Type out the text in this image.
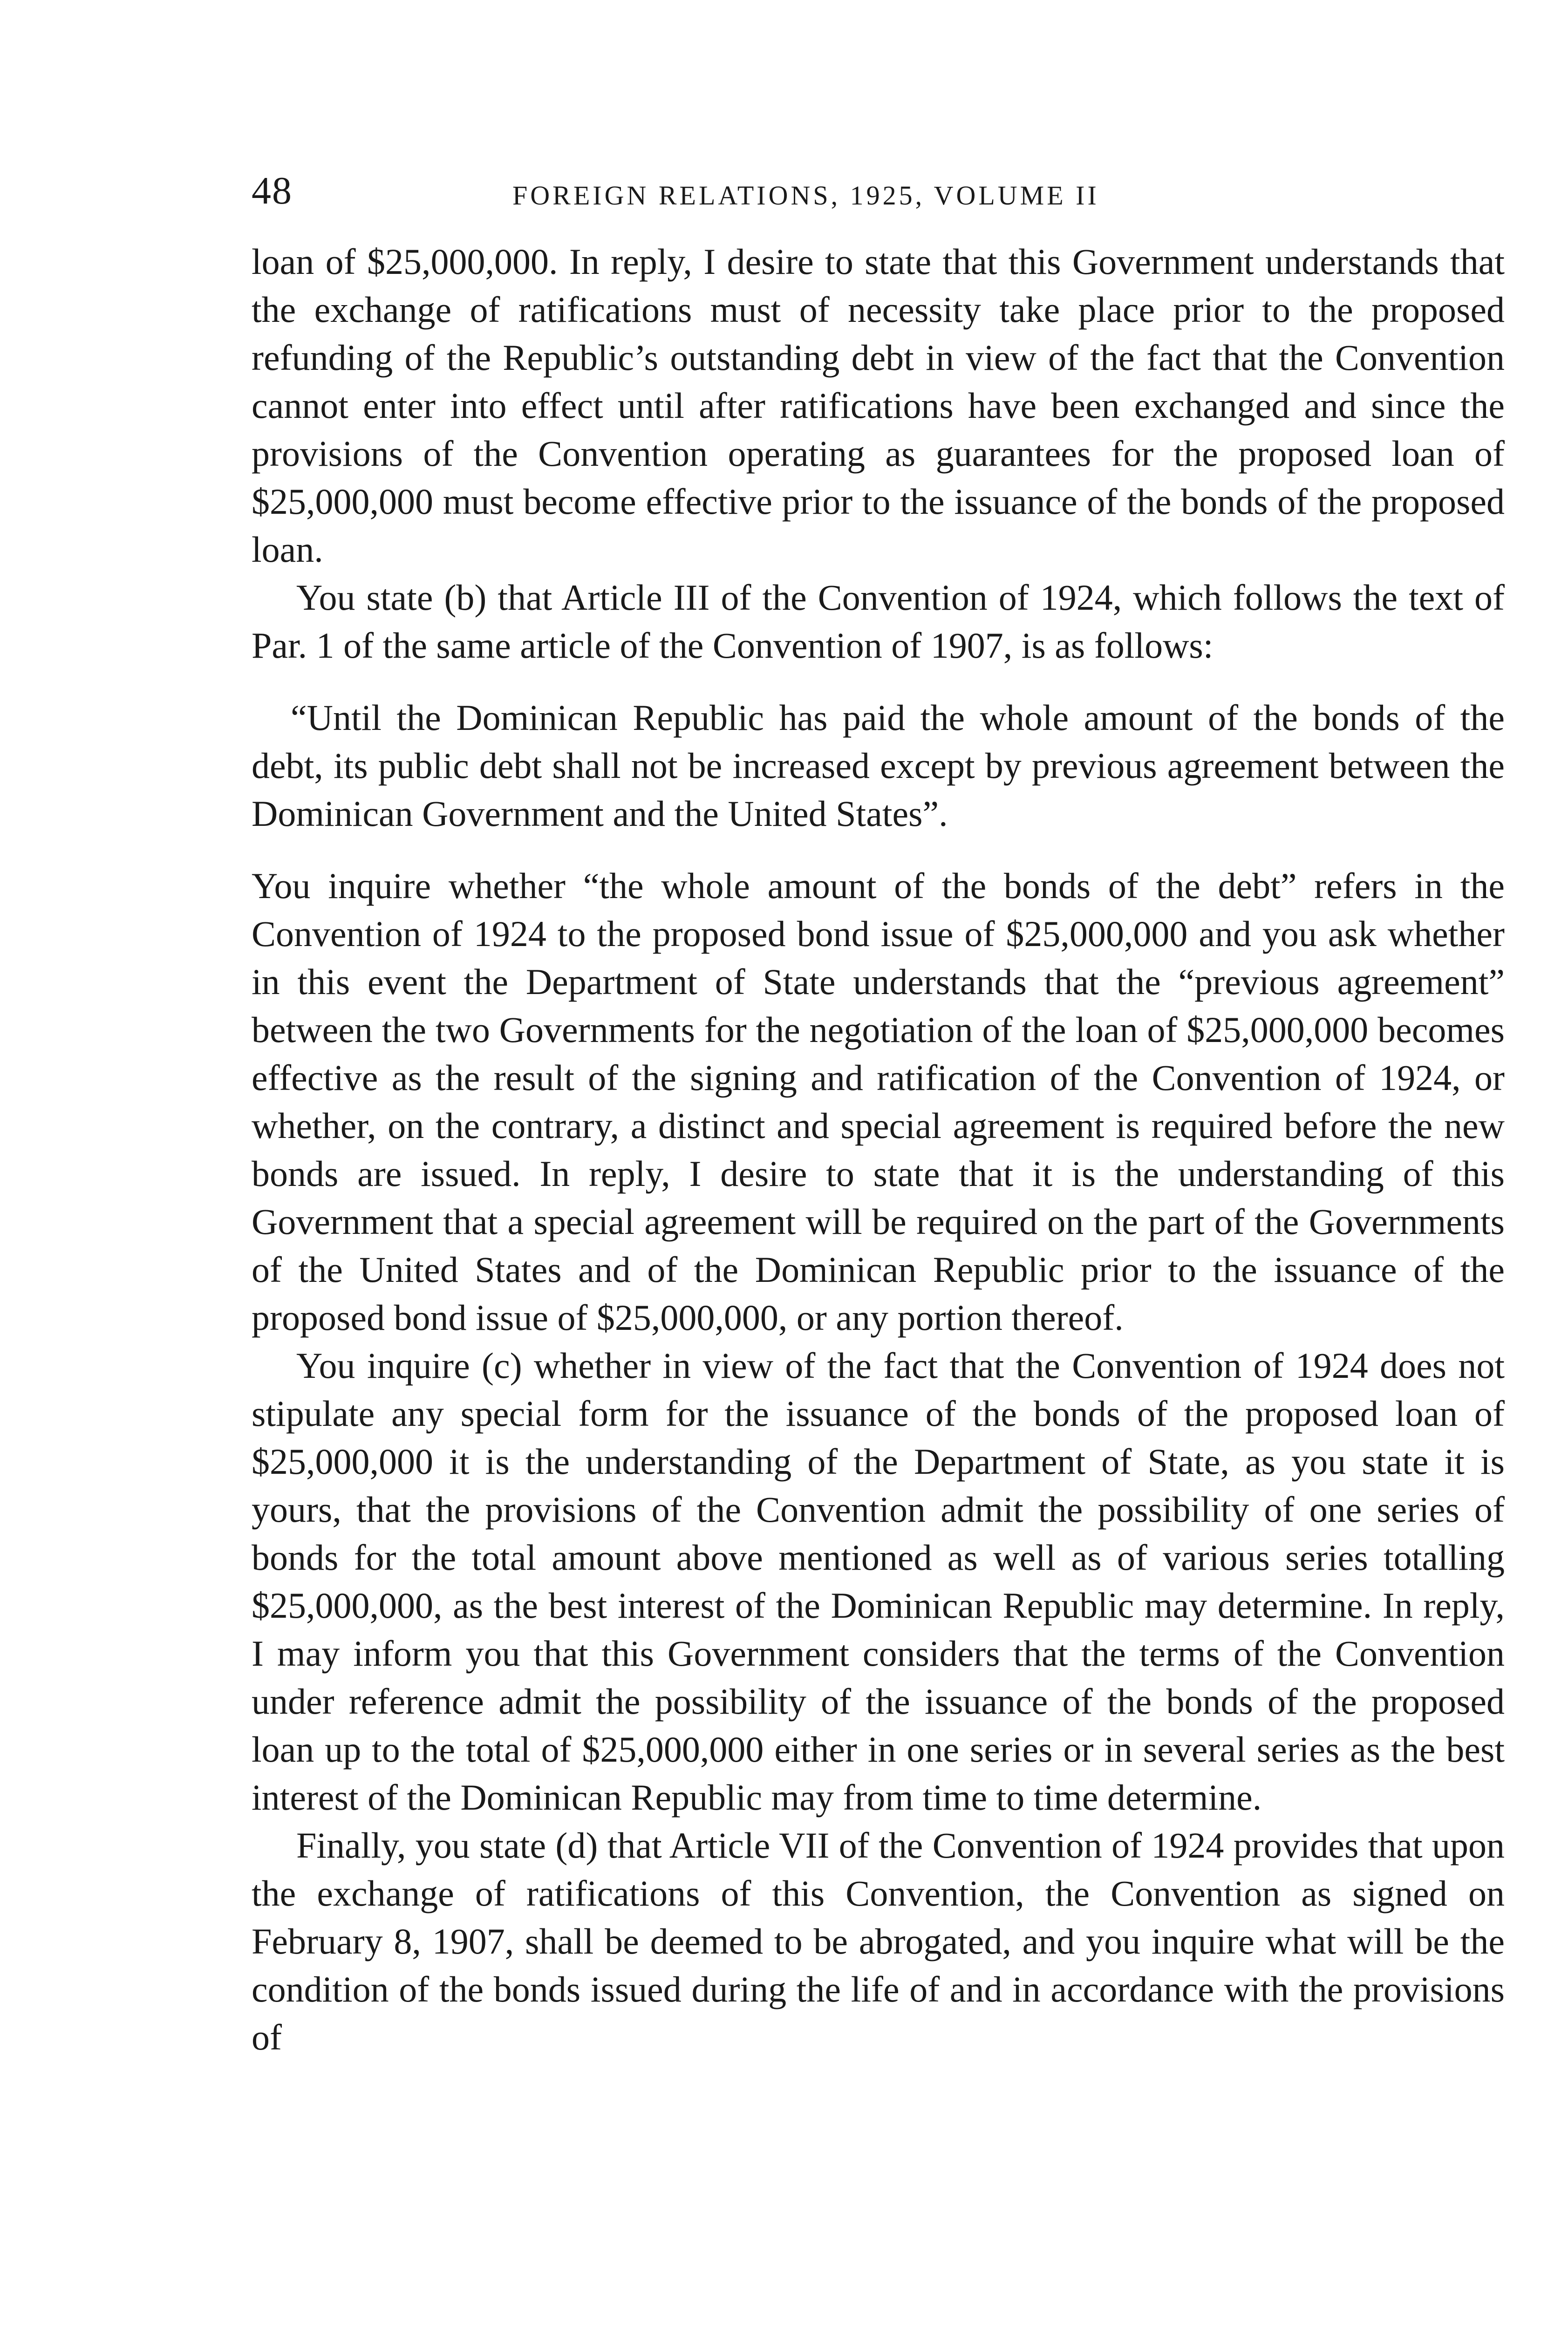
48	FOREIGN RELATIONS, 1925, VOLUME II

loan of $25,000,000. In reply, I desire to state that this Government understands that the exchange of ratifications must of necessity take place prior to the proposed refunding of the Republic’s outstanding debt in view of the fact that the Convention cannot enter into effect until after ratifications have been exchanged and since the provisions of the Convention operating as guarantees for the proposed loan of $25,000,000 must become effective prior to the issuance of the bonds of the proposed loan.

You state (b) that Article III of the Convention of 1924, which follows the text of Par. 1 of the same article of the Convention of 1907, is as follows:

“Until the Dominican Republic has paid the whole amount of the bonds of the debt, its public debt shall not be increased except by previous agreement between the Dominican Government and the United States”.

You inquire whether “the whole amount of the bonds of the debt” refers in the Convention of 1924 to the proposed bond issue of $25,000,000 and you ask whether in this event the Department of State understands that the “previous agreement” between the two Governments for the negotiation of the loan of $25,000,000 becomes effective as the result of the signing and ratification of the Convention of 1924, or whether, on the contrary, a distinct and special agreement is required before the new bonds are issued. In reply, I desire to state that it is the understanding of this Government that a special agreement will be required on the part of the Governments of the United States and of the Dominican Republic prior to the issuance of the proposed bond issue of $25,000,000, or any portion thereof.

You inquire (c) whether in view of the fact that the Convention of 1924 does not stipulate any special form for the issuance of the bonds of the proposed loan of $25,000,000 it is the understanding of the Department of State, as you state it is yours, that the provisions of the Convention admit the possibility of one series of bonds for the total amount above mentioned as well as of various series totalling $25,000,000, as the best interest of the Dominican Republic may determine. In reply, I may inform you that this Government considers that the terms of the Convention under reference admit the possibility of the issuance of the bonds of the proposed loan up to the total of $25,000,000 either in one series or in several series as the best interest of the Dominican Republic may from time to time determine.

Finally, you state (d) that Article VII of the Convention of 1924 provides that upon the exchange of ratifications of this Convention, the Convention as signed on February 8, 1907, shall be deemed to be abrogated, and you inquire what will be the condition of the bonds issued during the life of and in accordance with the provisions of
